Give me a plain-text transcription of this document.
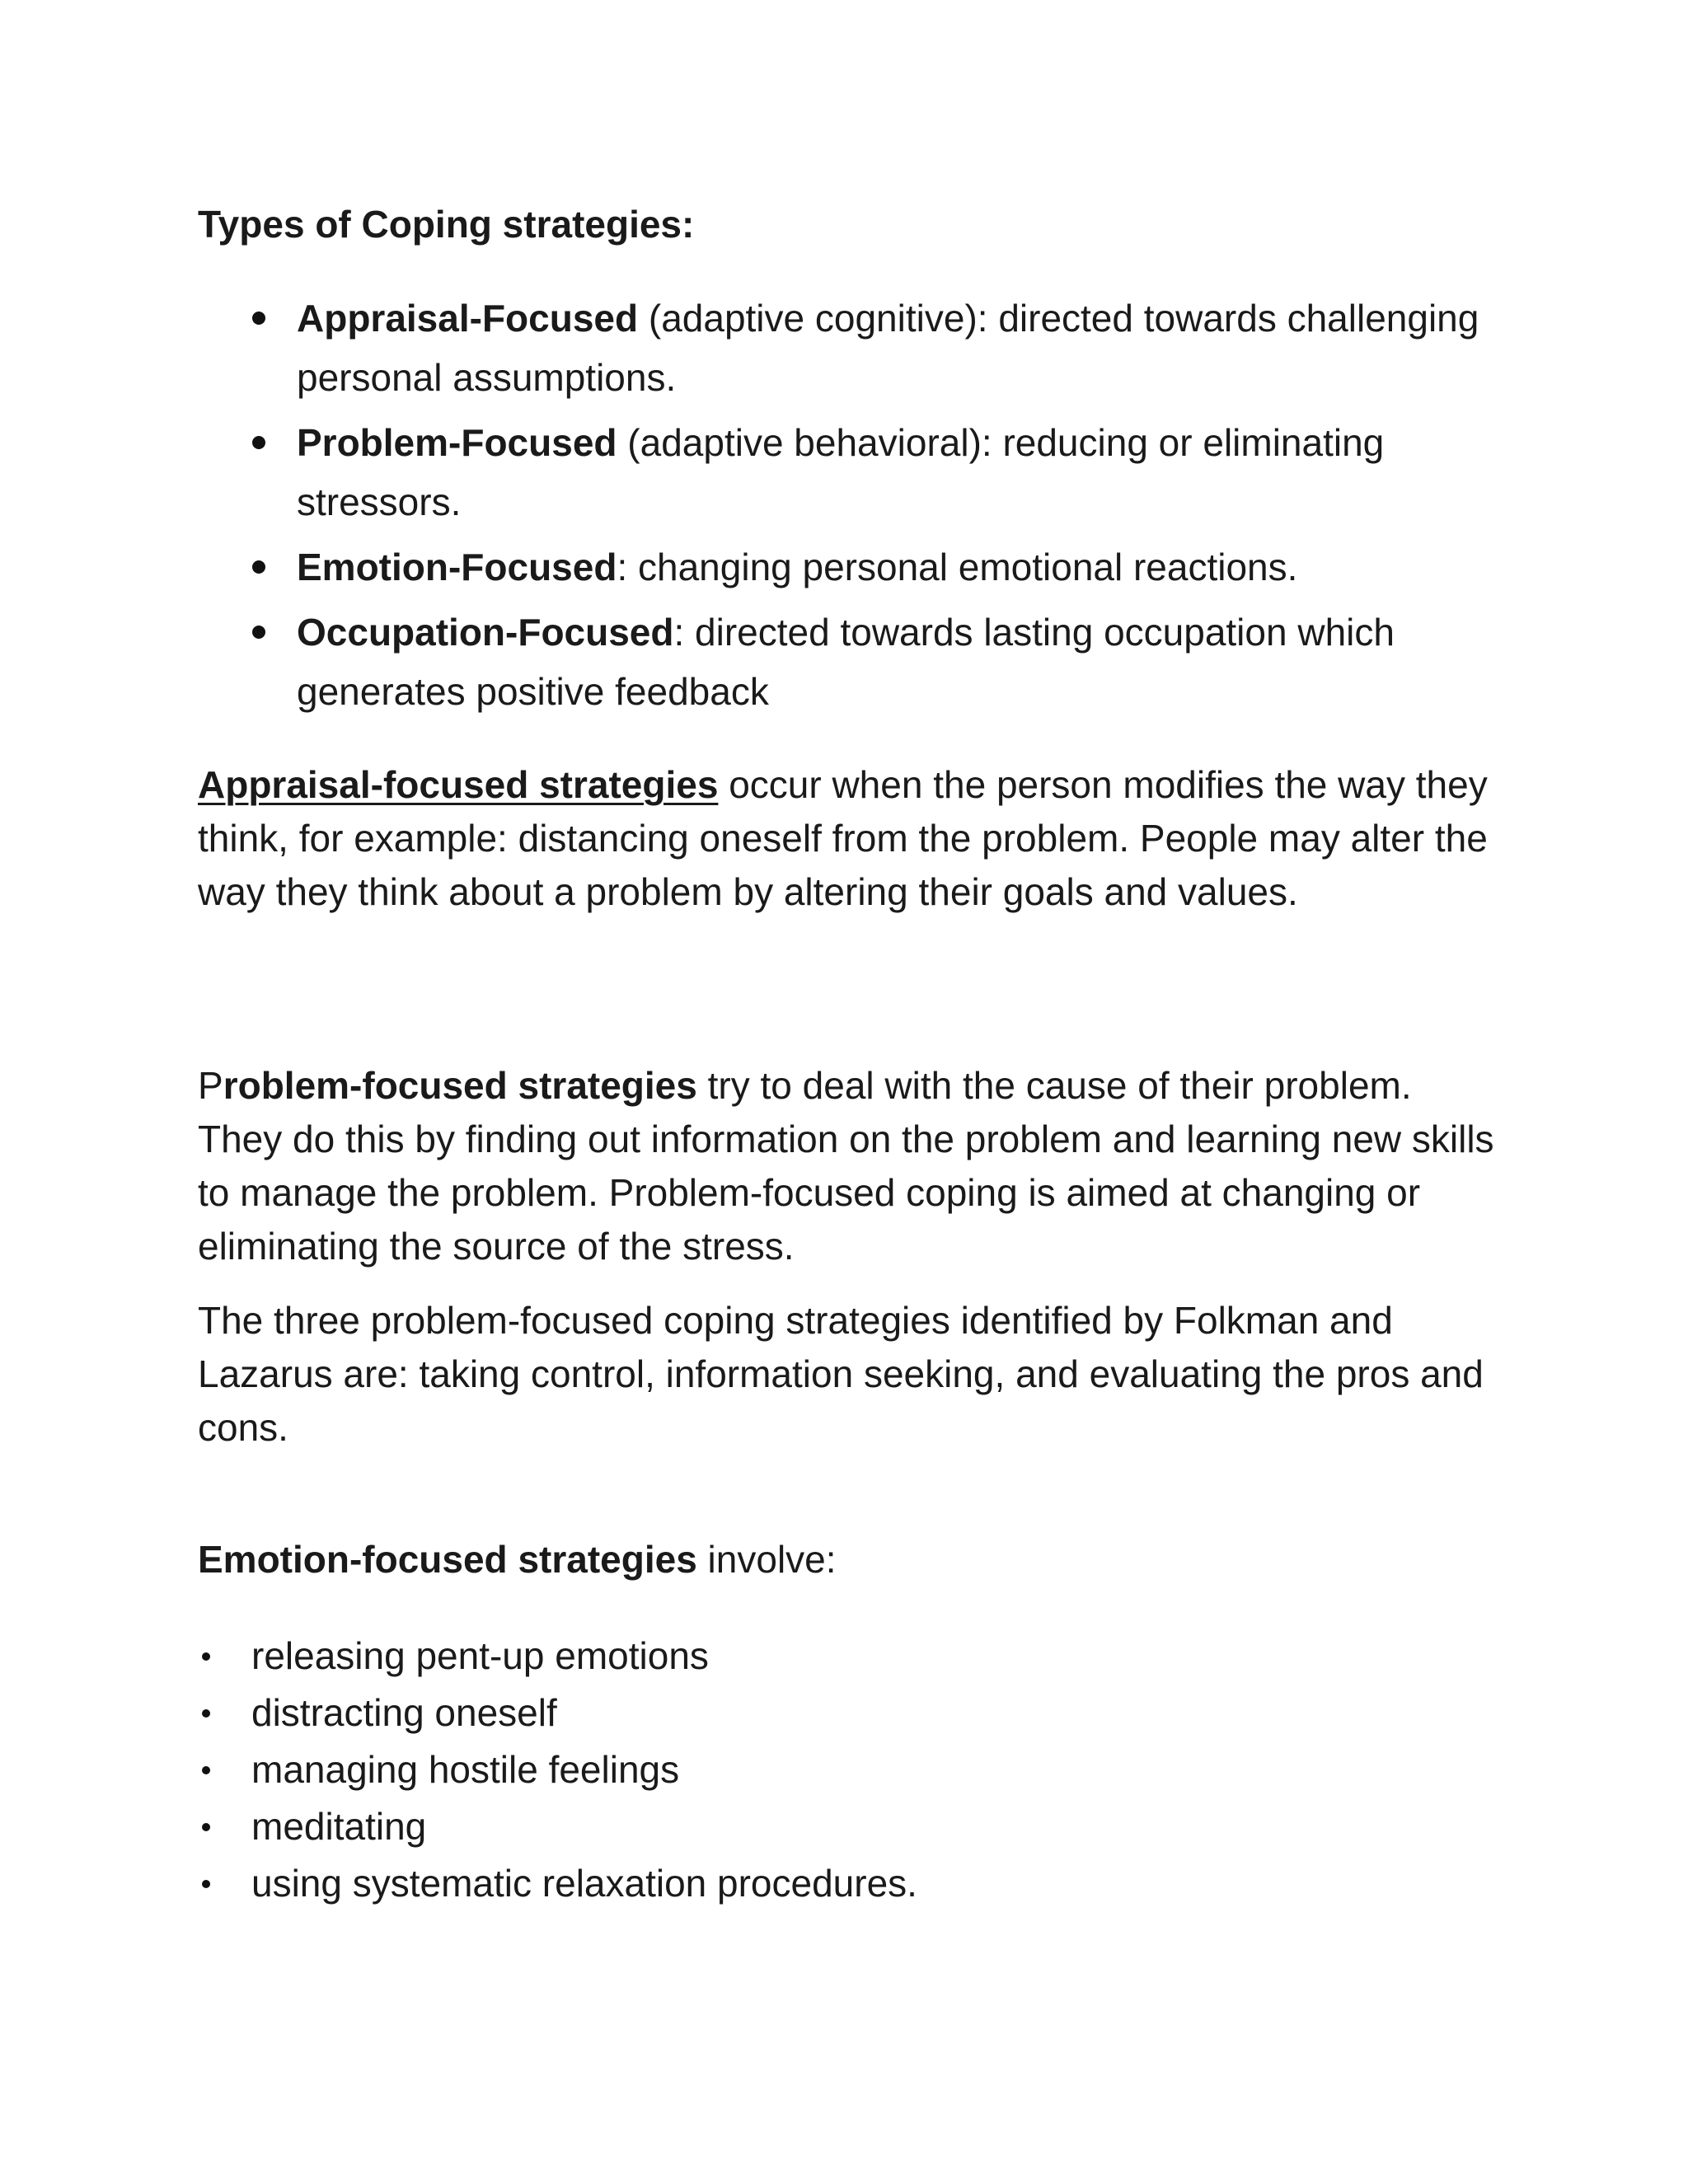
Types of Coping strategies:
Appraisal-Focused (adaptive cognitive): directed towards challenging personal assumptions.
Problem-Focused (adaptive behavioral): reducing or eliminating stressors.
Emotion-Focused: changing personal emotional reactions.
Occupation-Focused: directed towards lasting occupation which generates positive feedback
Appraisal-focused strategies occur when the person modifies the way they think, for example: distancing oneself from the problem. People may alter the way they think about a problem by altering their goals and values.
Problem-focused strategies try to deal with the cause of their problem. They do this by finding out information on the problem and learning new skills to manage the problem. Problem-focused coping is aimed at changing or eliminating the source of the stress.
The three problem-focused coping strategies identified by Folkman and Lazarus are: taking control, information seeking, and evaluating the pros and cons.
Emotion-focused strategies involve:
releasing pent-up emotions
distracting oneself
managing hostile feelings
meditating
using systematic relaxation procedures.
